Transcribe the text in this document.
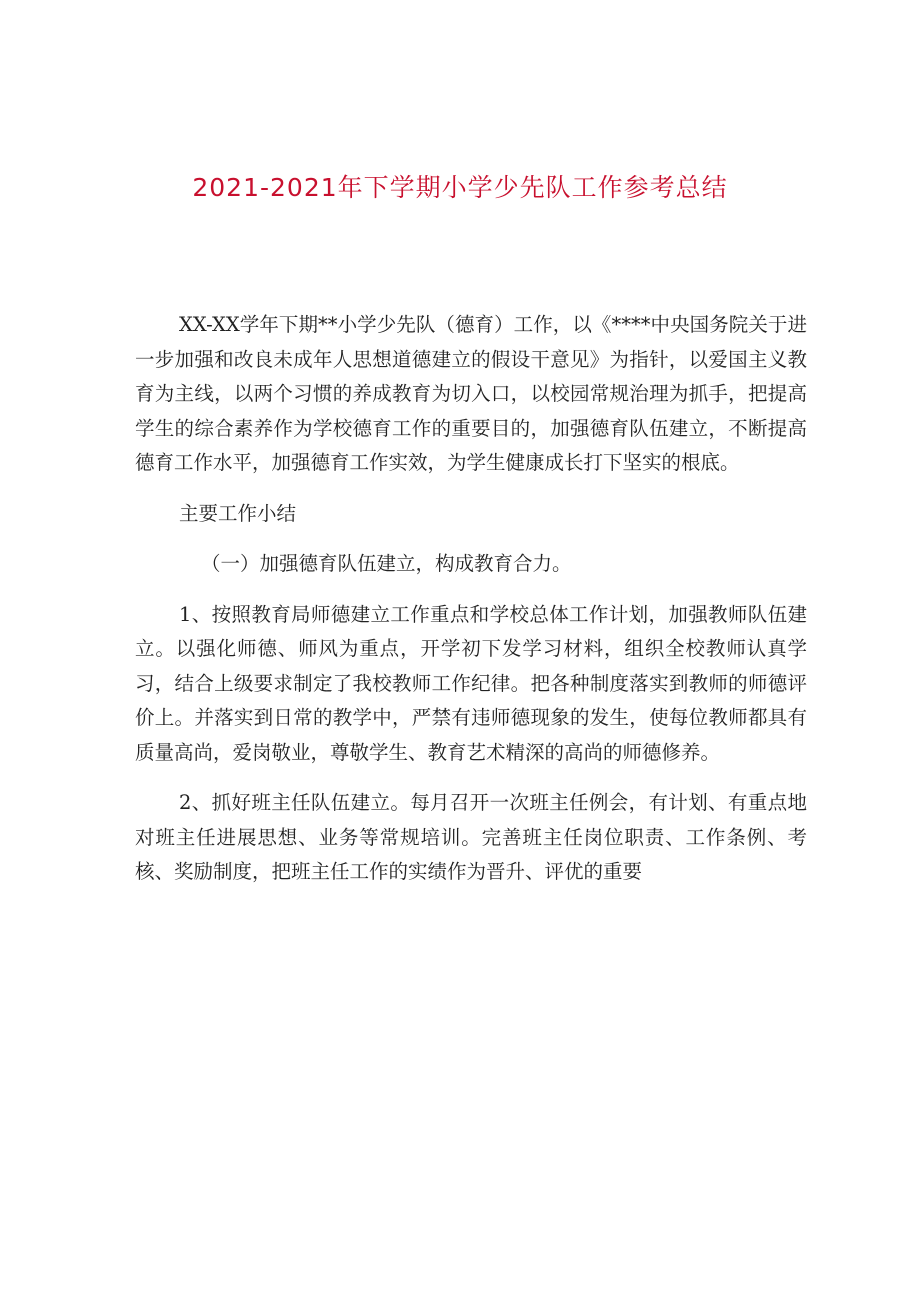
2021-2021年下学期小学少先队工作参考总结

XX-XX学年下期**小学少先队（德育）工作，以《****中央国务院关于进一步加强和改良未成年人思想道德建立的假设干意见》为指针，以爱国主义教育为主线，以两个习惯的养成教育为切入口，以校园常规治理为抓手，把提高学生的综合素养作为学校德育工作的重要目的，加强德育队伍建立，不断提高德育工作水平，加强德育工作实效，为学生健康成长打下坚实的根底。

主要工作小结

（一）加强德育队伍建立，构成教育合力。

1、按照教育局师德建立工作重点和学校总体工作计划，加强教师队伍建立。以强化师德、师风为重点，开学初下发学习材料，组织全校教师认真学习，结合上级要求制定了我校教师工作纪律。把各种制度落实到教师的师德评价上。并落实到日常的教学中，严禁有违师德现象的发生，使每位教师都具有质量高尚，爱岗敬业，尊敬学生、教育艺术精深的高尚的师德修养。

2、抓好班主任队伍建立。每月召开一次班主任例会，有计划、有重点地对班主任进展思想、业务等常规培训。完善班主任岗位职责、工作条例、考核、奖励制度，把班主任工作的实绩作为晋升、评优的重要
